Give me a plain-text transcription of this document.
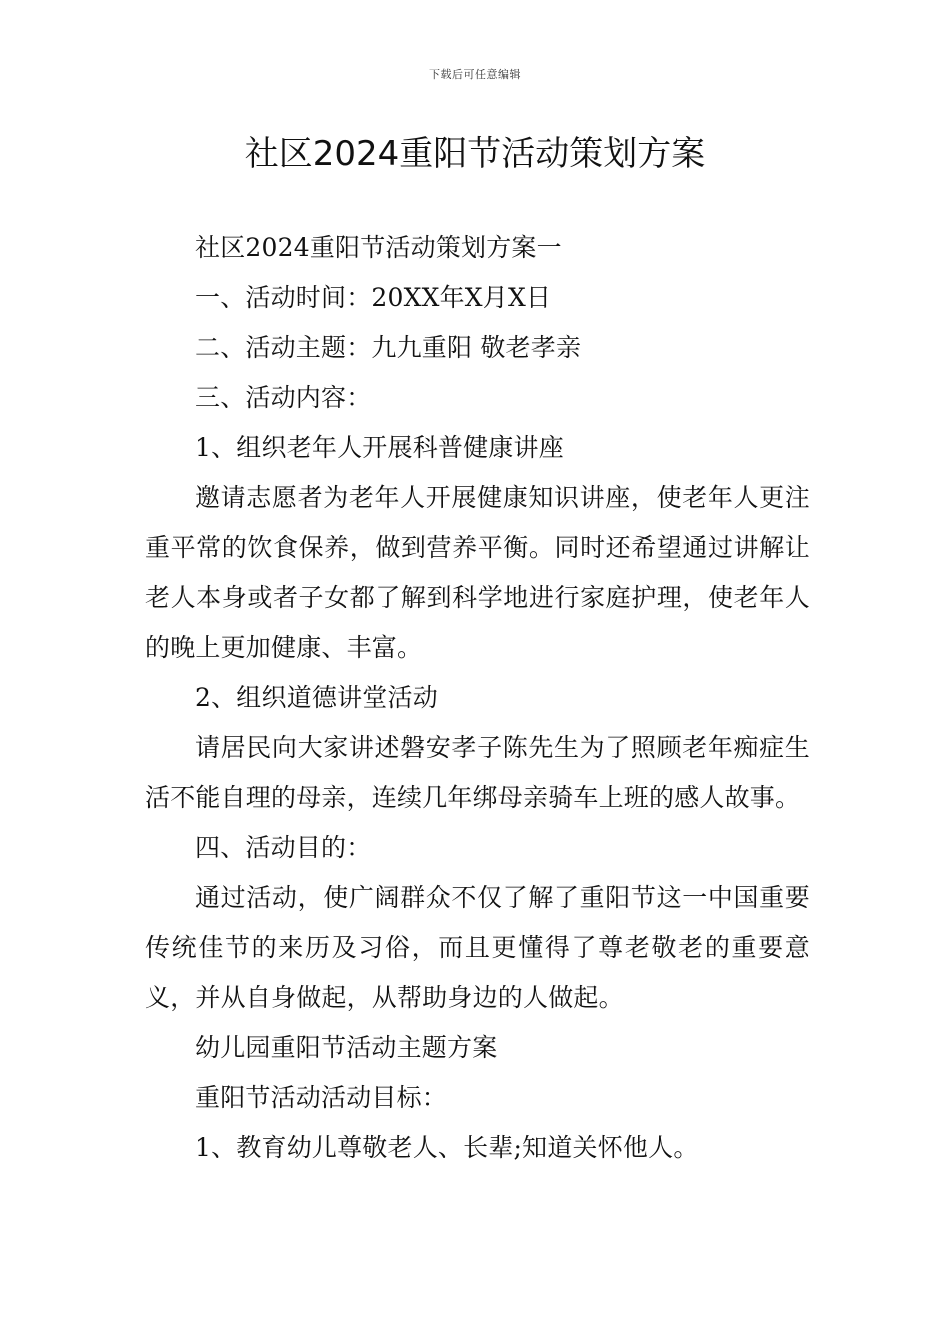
下载后可任意编辑
社区2024重阳节活动策划方案

社区2024重阳节活动策划方案一

一、活动时间：20XX年X月X日

二、活动主题：九九重阳 敬老孝亲

三、活动内容：

1、组织老年人开展科普健康讲座

邀请志愿者为老年人开展健康知识讲座，使老年人更注重平常的饮食保养，做到营养平衡。同时还希望通过讲解让老人本身或者子女都了解到科学地进行家庭护理，使老年人的晚上更加健康、丰富。

2、组织道德讲堂活动

请居民向大家讲述磐安孝子陈先生为了照顾老年痴症生活不能自理的母亲，连续几年绑母亲骑车上班的感人故事。

四、活动目的：

通过活动，使广阔群众不仅了解了重阳节这一中国重要传统佳节的来历及习俗，而且更懂得了尊老敬老的重要意义，并从自身做起，从帮助身边的人做起。

幼儿园重阳节活动主题方案

重阳节活动活动目标：

1、教育幼儿尊敬老人、长辈;知道关怀他人。
